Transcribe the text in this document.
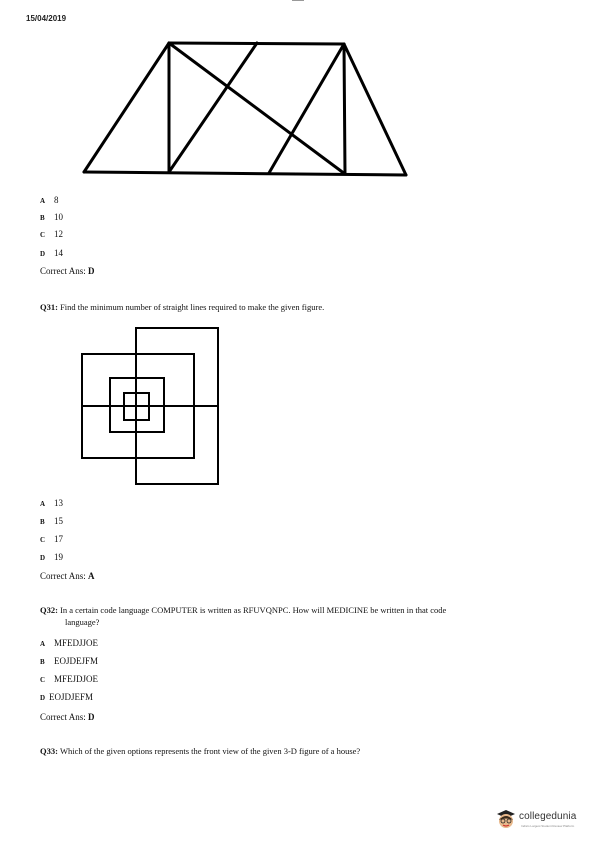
15/04/2019
A 8
B 10
C 12
D 14
Correct Ans: D
Q31: Find the minimum number of straight lines required to make the given figure.
A 13
B 15
C 17
D 19
Correct Ans: A
Q32: In a certain code language COMPUTER is written as RFUVQNPC. How will MEDICINE be written in that code
language?
A MFEDJJOE
B EOJDEJFM
C MFEJDJOE
D EOJDJEFM
Correct Ans: D
Q33: Which of the given options represents the front view of the given 3-D figure of a house?
collegedunia
India's Largest Student Review Platform
